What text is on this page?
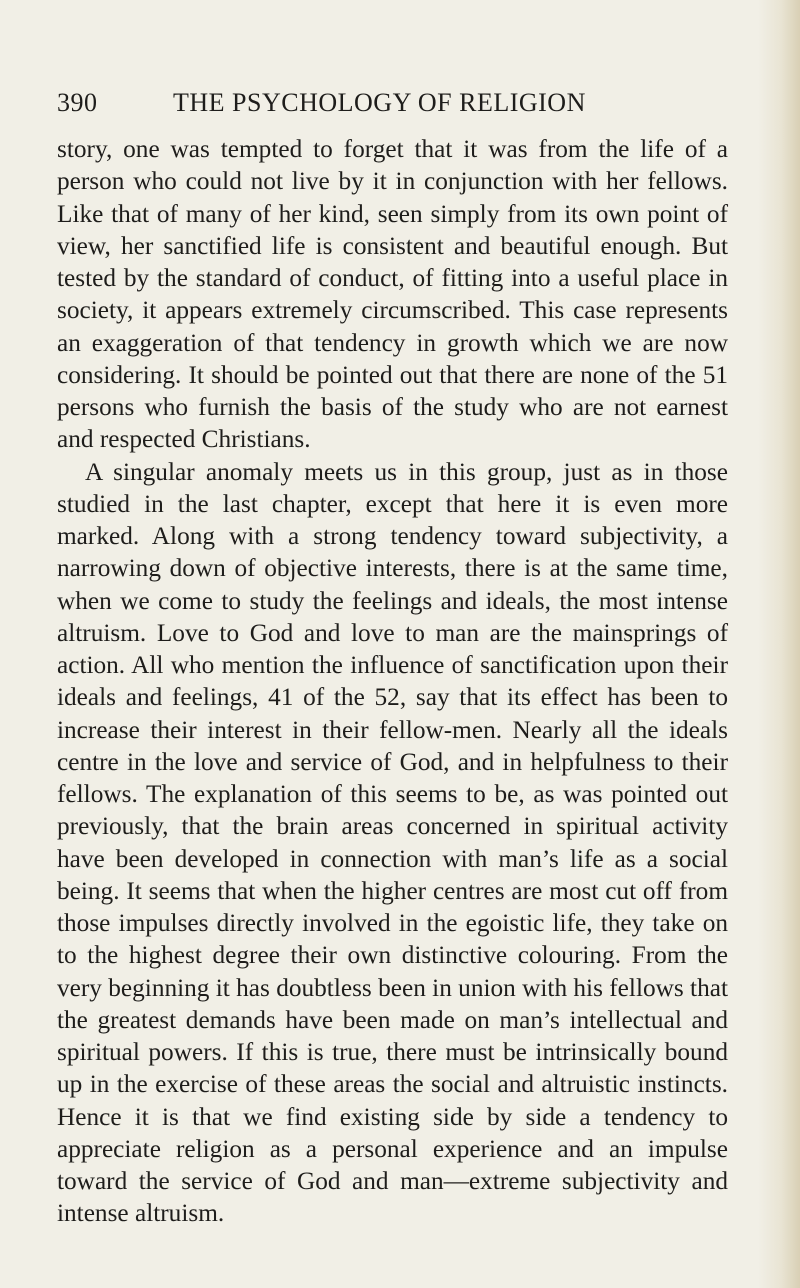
390	THE PSYCHOLOGY OF RELIGION

story, one was tempted to forget that it was from the life of a person who could not live by it in conjunction with her fellows. Like that of many of her kind, seen simply from its own point of view, her sanctified life is consistent and beautiful enough. But tested by the standard of conduct, of fitting into a useful place in society, it appears extremely circumscribed. This case represents an exaggeration of that tendency in growth which we are now considering. It should be pointed out that there are none of the 51 persons who furnish the basis of the study who are not earnest and respected Christians.

A singular anomaly meets us in this group, just as in those studied in the last chapter, except that here it is even more marked. Along with a strong tendency toward subjectivity, a narrowing down of objective interests, there is at the same time, when we come to study the feelings and ideals, the most intense altruism. Love to God and love to man are the mainsprings of action. All who mention the influence of sanctification upon their ideals and feelings, 41 of the 52, say that its effect has been to increase their interest in their fellow-men. Nearly all the ideals centre in the love and service of God, and in helpfulness to their fellows. The explanation of this seems to be, as was pointed out previously, that the brain areas concerned in spiritual activity have been developed in connection with man’s life as a social being. It seems that when the higher centres are most cut off from those impulses directly involved in the egoistic life, they take on to the highest degree their own distinctive colouring. From the very beginning it has doubtless been in union with his fellows that the greatest demands have been made on man’s intellectual and spiritual powers. If this is true, there must be intrinsically bound up in the exercise of these areas the social and altruistic instincts. Hence it is that we find existing side by side a tendency to appreciate religion as a personal experience and an impulse toward the service of God and man—extreme subjectivity and intense altruism.
